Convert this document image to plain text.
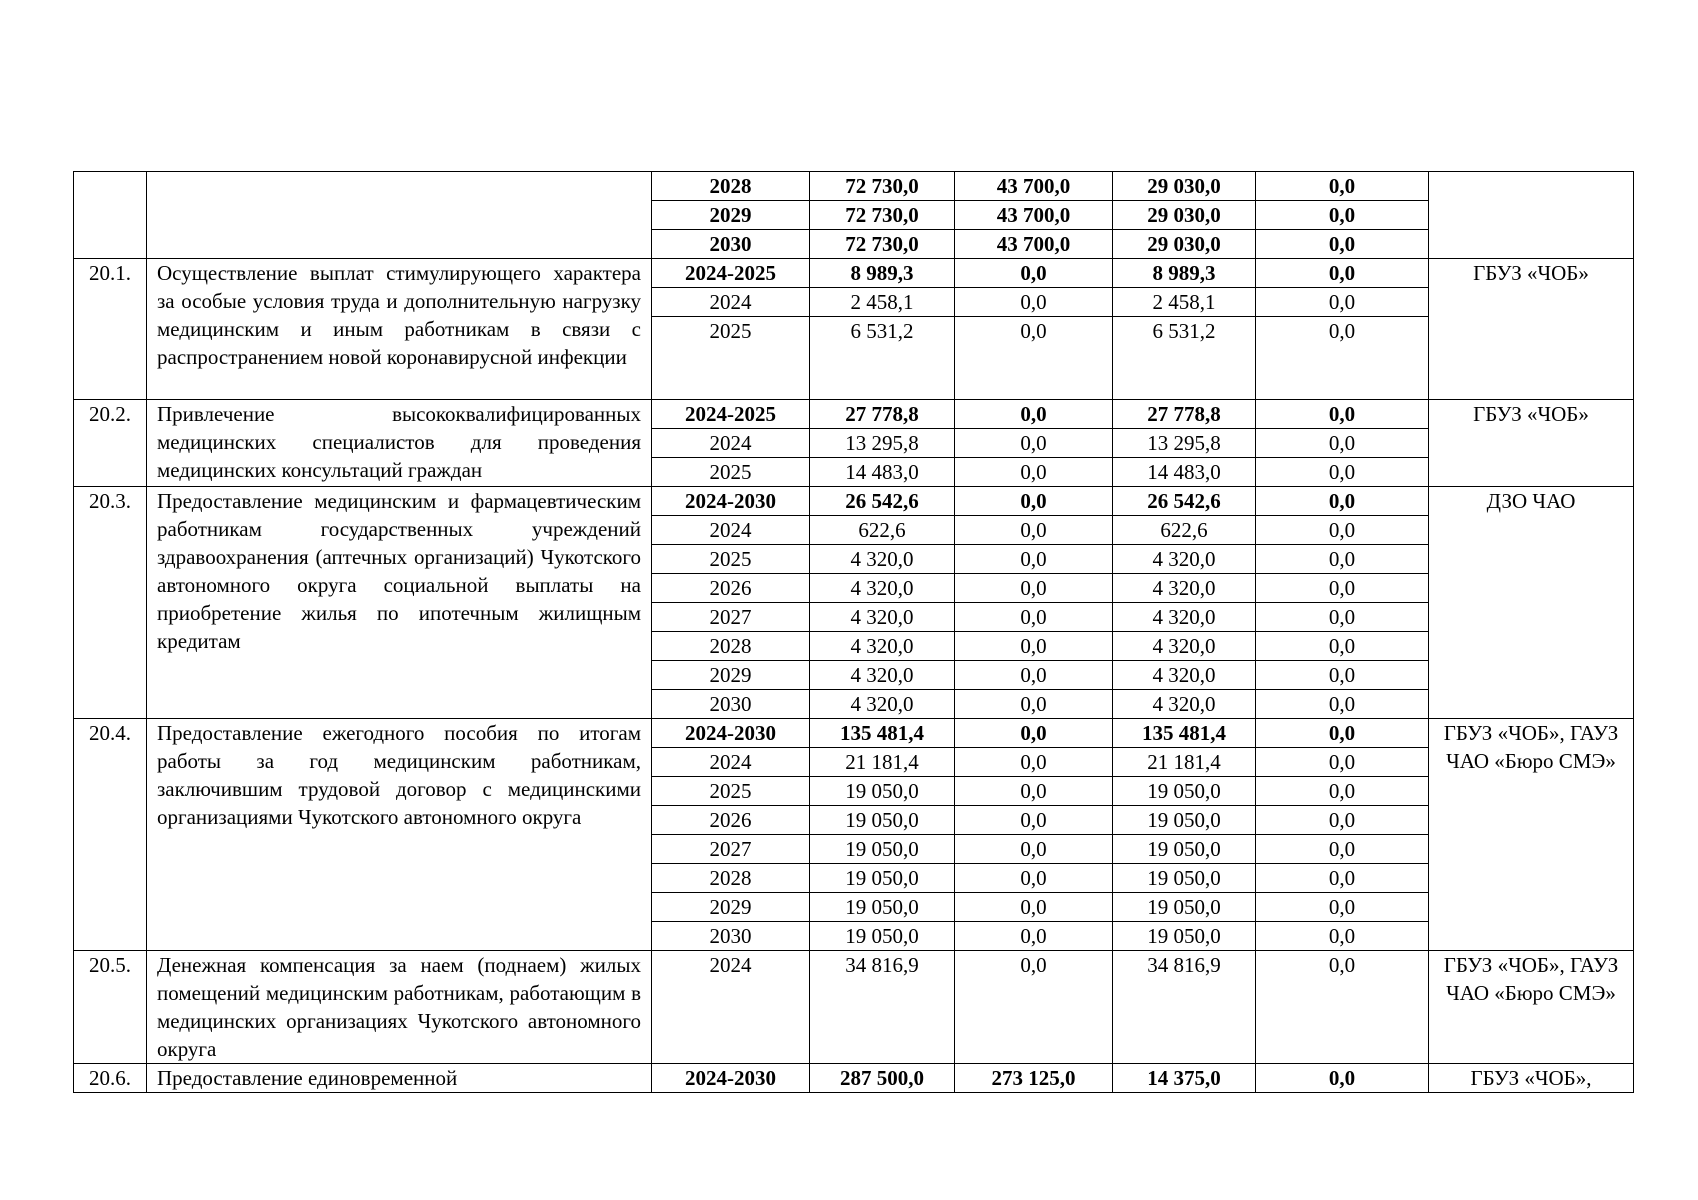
		2028	72 730,0	43 700,0	29 030,0	0,0	
		2029	72 730,0	43 700,0	29 030,0	0,0	
		2030	72 730,0	43 700,0	29 030,0	0,0	
20.1.	Осуществление выплат стимулирующего характера за особые условия труда и дополнительную нагрузку медицинским и иным работникам в связи с распространением новой коронавирусной инфекции	2024-2025	8 989,3	0,0	8 989,3	0,0	ГБУЗ «ЧОБ»
		2024	2 458,1	0,0	2 458,1	0,0	
		2025	6 531,2	0,0	6 531,2	0,0	
20.2.	Привлечение высококвалифицированных медицинских специалистов для проведения медицинских консультаций граждан	2024-2025	27 778,8	0,0	27 778,8	0,0	ГБУЗ «ЧОБ»
		2024	13 295,8	0,0	13 295,8	0,0	
		2025	14 483,0	0,0	14 483,0	0,0	
20.3.	Предоставление медицинским и фармацевтическим работникам государственных учреждений здравоохранения (аптечных организаций) Чукотского автономного округа социальной выплаты на приобретение жилья по ипотечным жилищным кредитам	2024-2030	26 542,6	0,0	26 542,6	0,0	ДЗО ЧАО
		2024	622,6	0,0	622,6	0,0	
		2025	4 320,0	0,0	4 320,0	0,0	
		2026	4 320,0	0,0	4 320,0	0,0	
		2027	4 320,0	0,0	4 320,0	0,0	
		2028	4 320,0	0,0	4 320,0	0,0	
		2029	4 320,0	0,0	4 320,0	0,0	
		2030	4 320,0	0,0	4 320,0	0,0	
20.4.	Предоставление ежегодного пособия по итогам работы за год медицинским работникам, заключившим трудовой договор с медицинскими организациями Чукотского автономного округа	2024-2030	135 481,4	0,0	135 481,4	0,0	ГБУЗ «ЧОБ», ГАУЗ ЧАО «Бюро СМЭ»
		2024	21 181,4	0,0	21 181,4	0,0	
		2025	19 050,0	0,0	19 050,0	0,0	
		2026	19 050,0	0,0	19 050,0	0,0	
		2027	19 050,0	0,0	19 050,0	0,0	
		2028	19 050,0	0,0	19 050,0	0,0	
		2029	19 050,0	0,0	19 050,0	0,0	
		2030	19 050,0	0,0	19 050,0	0,0	
20.5.	Денежная компенсация за наем (поднаем) жилых помещений медицинским работникам, работающим в медицинских организациях Чукотского автономного округа	2024	34 816,9	0,0	34 816,9	0,0	ГБУЗ «ЧОБ», ГАУЗ ЧАО «Бюро СМЭ»
20.6.	Предоставление единовременной	2024-2030	287 500,0	273 125,0	14 375,0	0,0	ГБУЗ «ЧОБ»,
